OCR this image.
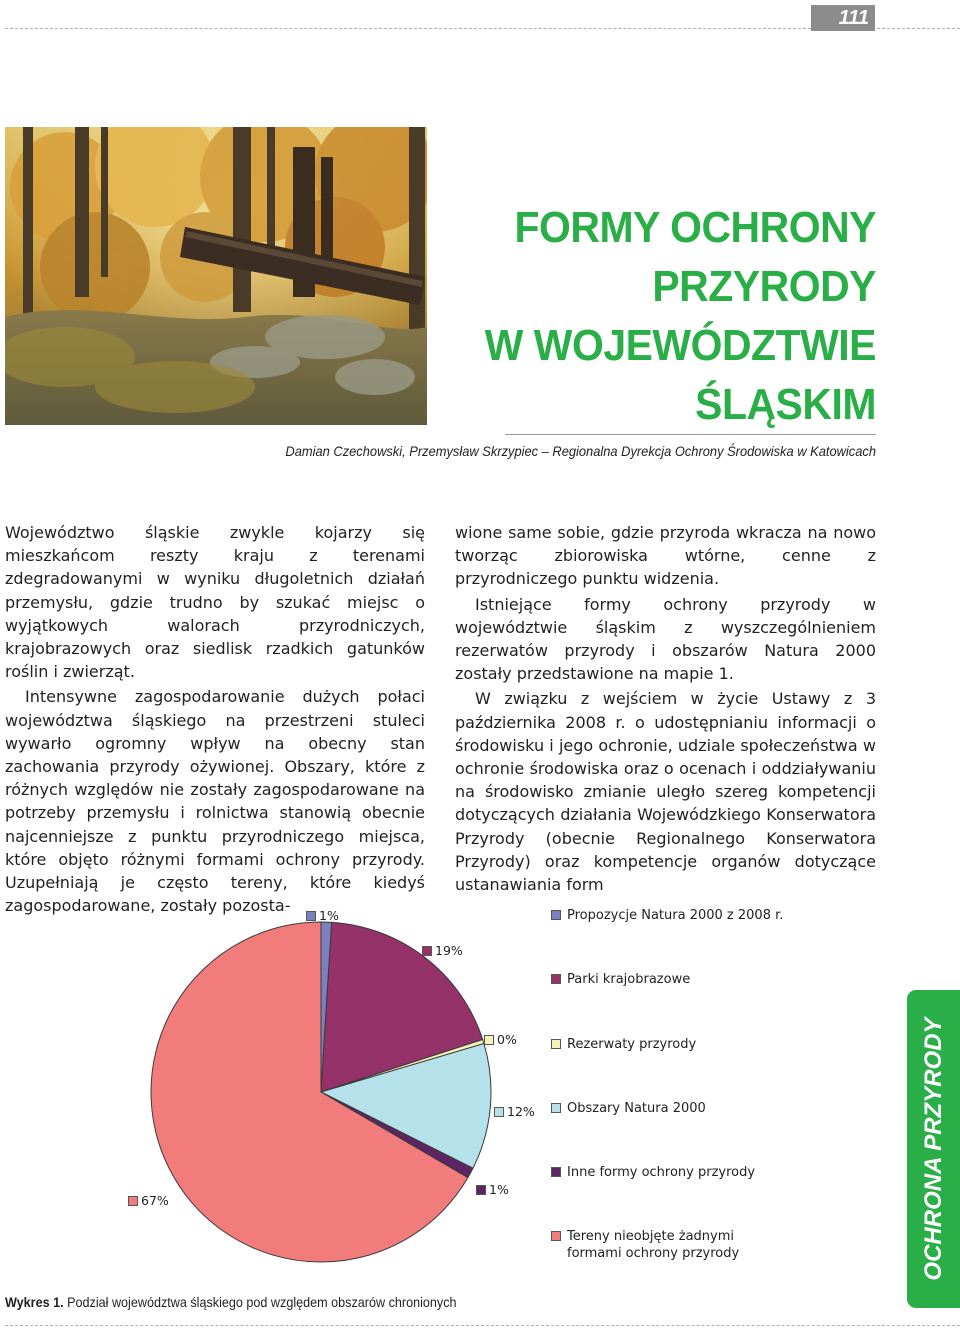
111
FORMY OCHRONY
PRZYRODY
W WOJEWÓDZTWIE
ŚLĄSKIM
Damian Czechowski, Przemysław Skrzypiec – Regionalna Dyrekcja Ochrony Środowiska w Katowicach

Województwo śląskie zwykle kojarzy się mieszkańcom reszty kraju z terenami zdegradowanymi w wyniku długoletnich działań przemysłu, gdzie trudno by szukać miejsc o wyjątkowych walorach przyrodniczych, krajobrazowych oraz siedlisk rzadkich gatunków roślin i zwierząt.

Intensywne zagospodarowanie dużych połaci województwa śląskiego na przestrzeni stuleci wywarło ogromny wpływ na obecny stan zachowania przyrody ożywionej. Obszary, które z różnych względów nie zostały zagospodarowane na potrzeby przemysłu i rolnictwa stanowią obecnie najcenniejsze z punktu przyrodniczego miejsca, które objęto różnymi formami ochrony przyrody. Uzupełniają je często tereny, które kiedyś zagospodarowane, zostały pozosta-

wione same sobie, gdzie przyroda wkracza na nowo tworząc zbiorowiska wtórne, cenne z przyrodniczego punktu widzenia.

Istniejące formy ochrony przyrody w województwie śląskim z wyszczególnieniem rezerwatów przyrody i obszarów Natura 2000 zostały przedstawione na mapie 1.

W związku z wejściem w życie Ustawy z 3 października 2008 r. o udostępnianiu informacji o środowisku i jego ochronie, udziale społeczeństwa w ochronie środowiska oraz o ocenach i oddziaływaniu na środowisko zmianie uległo szereg kompetencji dotyczących działania Wojewódzkiego Konserwatora Przyrody (obecnie Regionalnego Konserwatora Przyrody) oraz kompetencje organów dotyczące ustanawiania form

1%
19%
0%
12%
1%
67%
Propozycje Natura 2000 z 2008 r.
Parki krajobrazowe
Rezerwaty przyrody
Obszary Natura 2000
Inne formy ochrony przyrody
Tereny nieobjęte żadnymi formami ochrony przyrody
Wykres 1. Podział województwa śląskiego pod względem obszarów chronionych
OCHRONA PRZYRODY
